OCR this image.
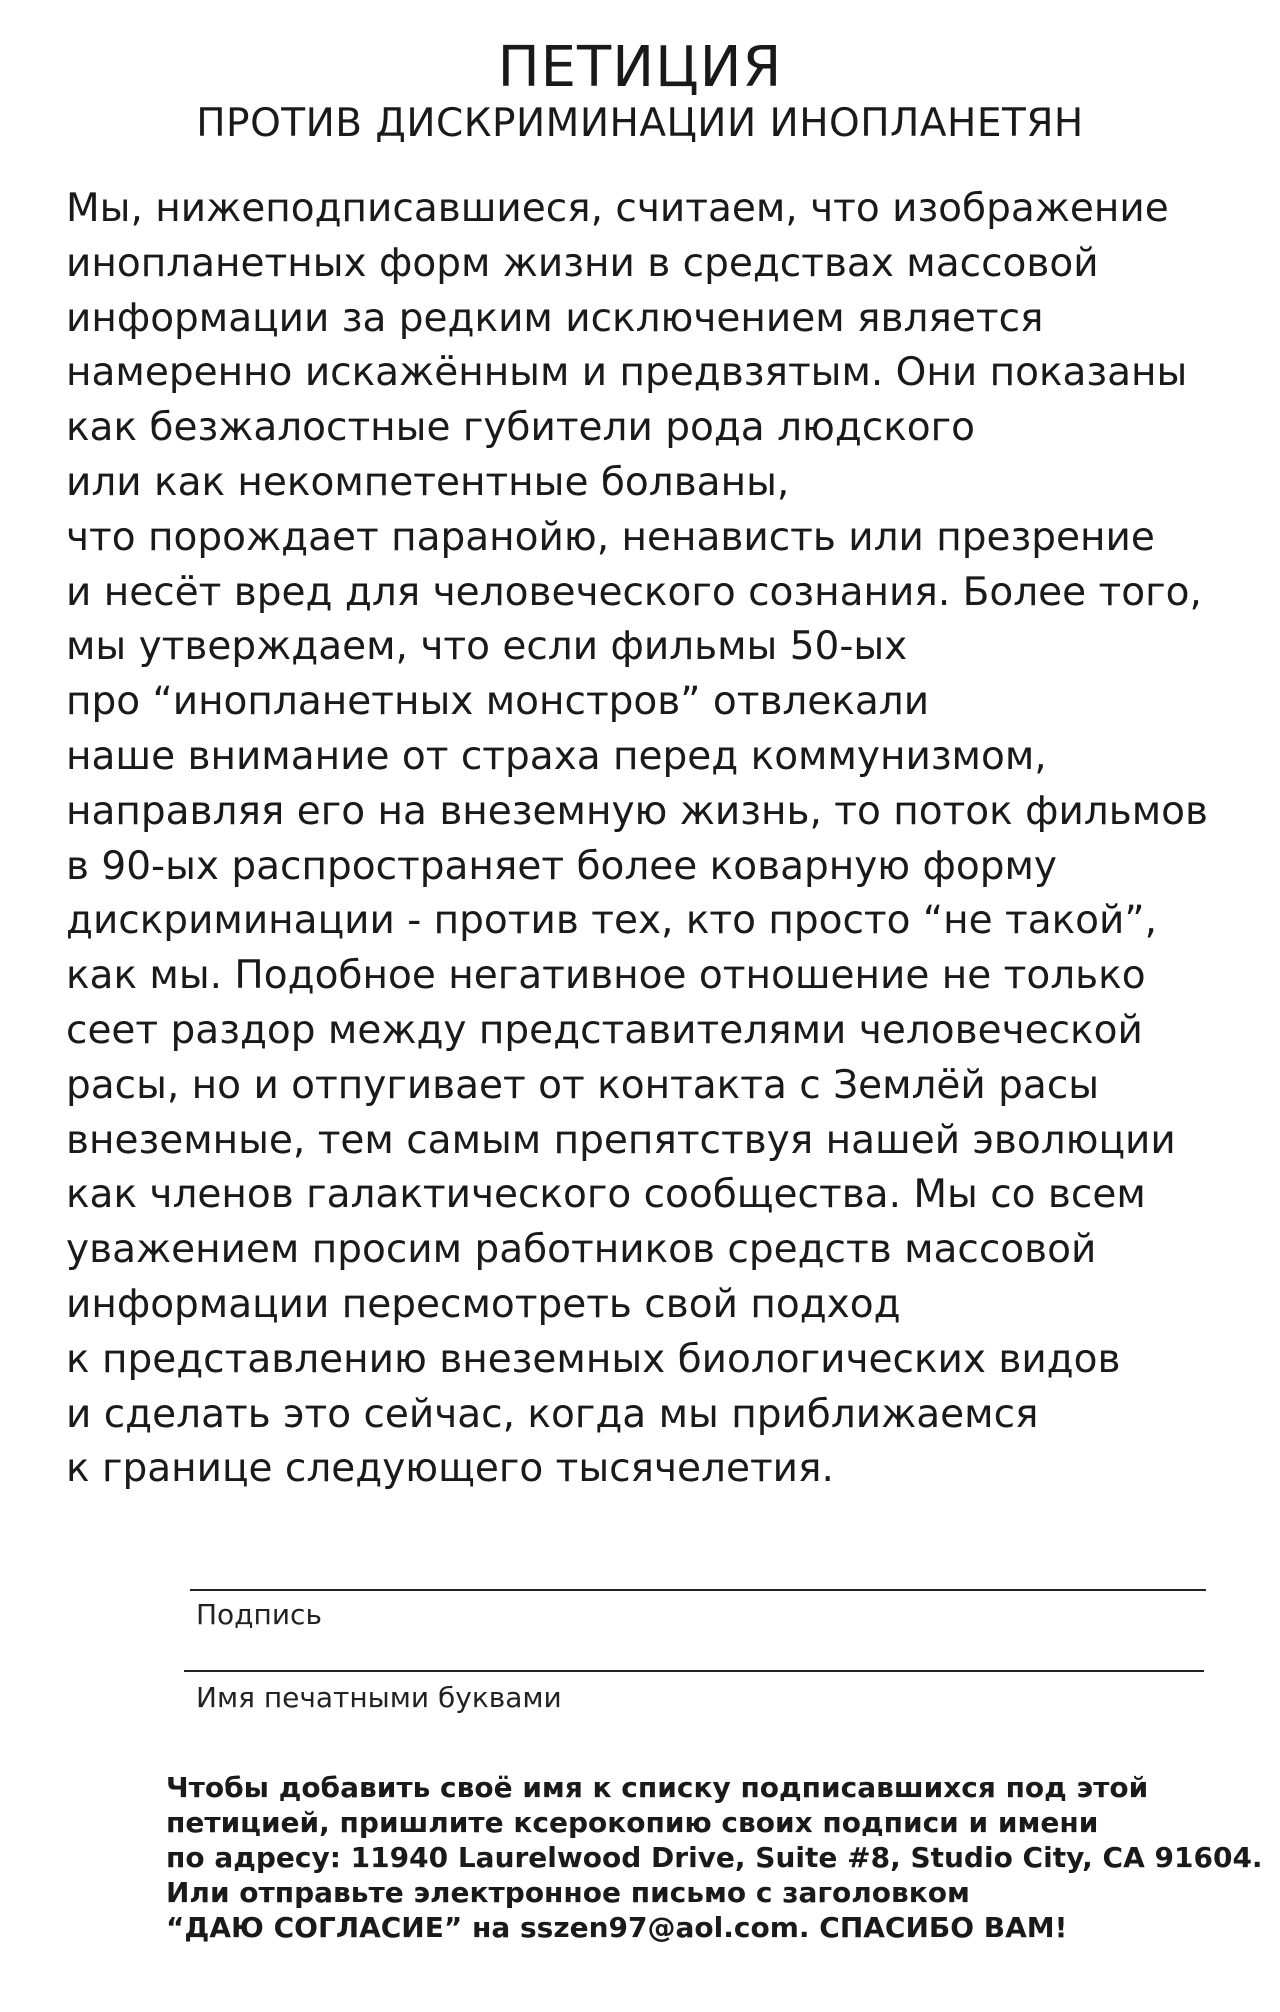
ПЕТИЦИЯ
ПРОТИВ ДИСКРИМИНАЦИИ ИНОПЛАНЕТЯН
Мы, нижеподписавшиеся, считаем, что изображение
инопланетных форм жизни в средствах массовой
информации за редким исключением является
намеренно искажённым и предвзятым. Они показаны
как безжалостные губители рода людского
или как некомпетентные болваны,
что порождает паранойю, ненависть или презрение
и несёт вред для человеческого сознания. Более того,
мы утверждаем, что если фильмы 50-ых
про “инопланетных монстров” отвлекали
наше внимание от страха перед коммунизмом,
направляя его на внеземную жизнь, то поток фильмов
в 90-ых распространяет более коварную форму
дискриминации - против тех, кто просто “не такой”,
как мы. Подобное негативное отношение не только
сеет раздор между представителями человеческой
расы, но и отпугивает от контакта с Землёй расы
внеземные, тем самым препятствуя нашей эволюции
как членов галактического сообщества. Мы со всем
уважением просим работников средств массовой
информации пересмотреть свой подход
к представлению внеземных биологических видов
и сделать это сейчас, когда мы приближаемся
к границе следующего тысячелетия.
Подпись
Имя печатными буквами
Чтобы добавить своё имя к списку подписавшихся под этой
петицией, пришлите ксерокопию своих подписи и имени
по адресу: 11940 Laurelwood Drive, Suite #8, Studio City, CA 91604.
Или отправьте электронное письмо с заголовком
“ДАЮ СОГЛАСИЕ” на sszen97@aol.com. СПАСИБО ВАМ!
